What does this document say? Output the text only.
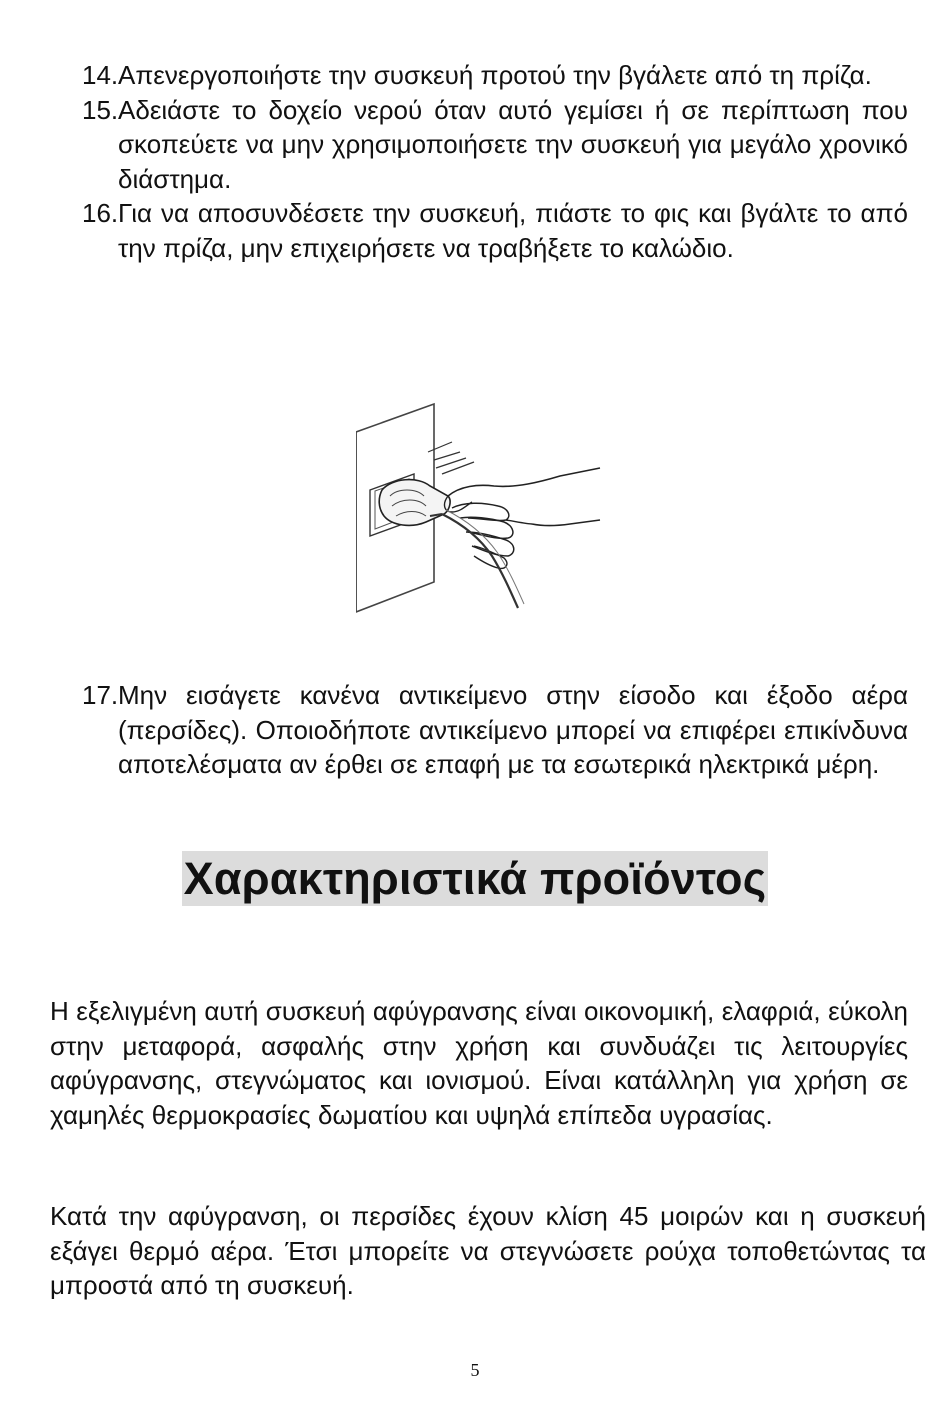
14. Απενεργοποιήστε την συσκευή προτού την βγάλετε από τη πρίζα.
15. Αδειάστε το δοχείο νερού όταν αυτό γεμίσει ή σε περίπτωση που σκοπεύετε να μην χρησιμοποιήσετε την συσκευή για μεγάλο χρονικό διάστημα.
16. Για να αποσυνδέσετε την συσκευή, πιάστε το φις και βγάλτε το από την πρίζα, μην επιχειρήσετε να τραβήξετε το καλώδιο.
17. Μην εισάγετε κανένα αντικείμενο στην είσοδο και έξοδο αέρα (περσίδες). Οποιοδήποτε αντικείμενο μπορεί να επιφέρει επικίνδυνα αποτελέσματα αν έρθει σε επαφή με τα εσωτερικά ηλεκτρικά μέρη.
Χαρακτηριστικά προϊόντος

Η εξελιγμένη αυτή συσκευή αφύγρανσης είναι οικονομική, ελαφριά, εύκολη στην μεταφορά, ασφαλής στην χρήση και συνδυάζει τις λειτουργίες αφύγρανσης, στεγνώματος και ιονισμού. Είναι κατάλληλη για χρήση σε χαμηλές θερμοκρασίες δωματίου και υψηλά επίπεδα υγρασίας.

Κατά την αφύγρανση, οι περσίδες έχουν κλίση 45 μοιρών και η συσκευή εξάγει θερμό αέρα. Έτσι μπορείτε να στεγνώσετε ρούχα τοποθετώντας τα μπροστά από τη συσκευή.

5
